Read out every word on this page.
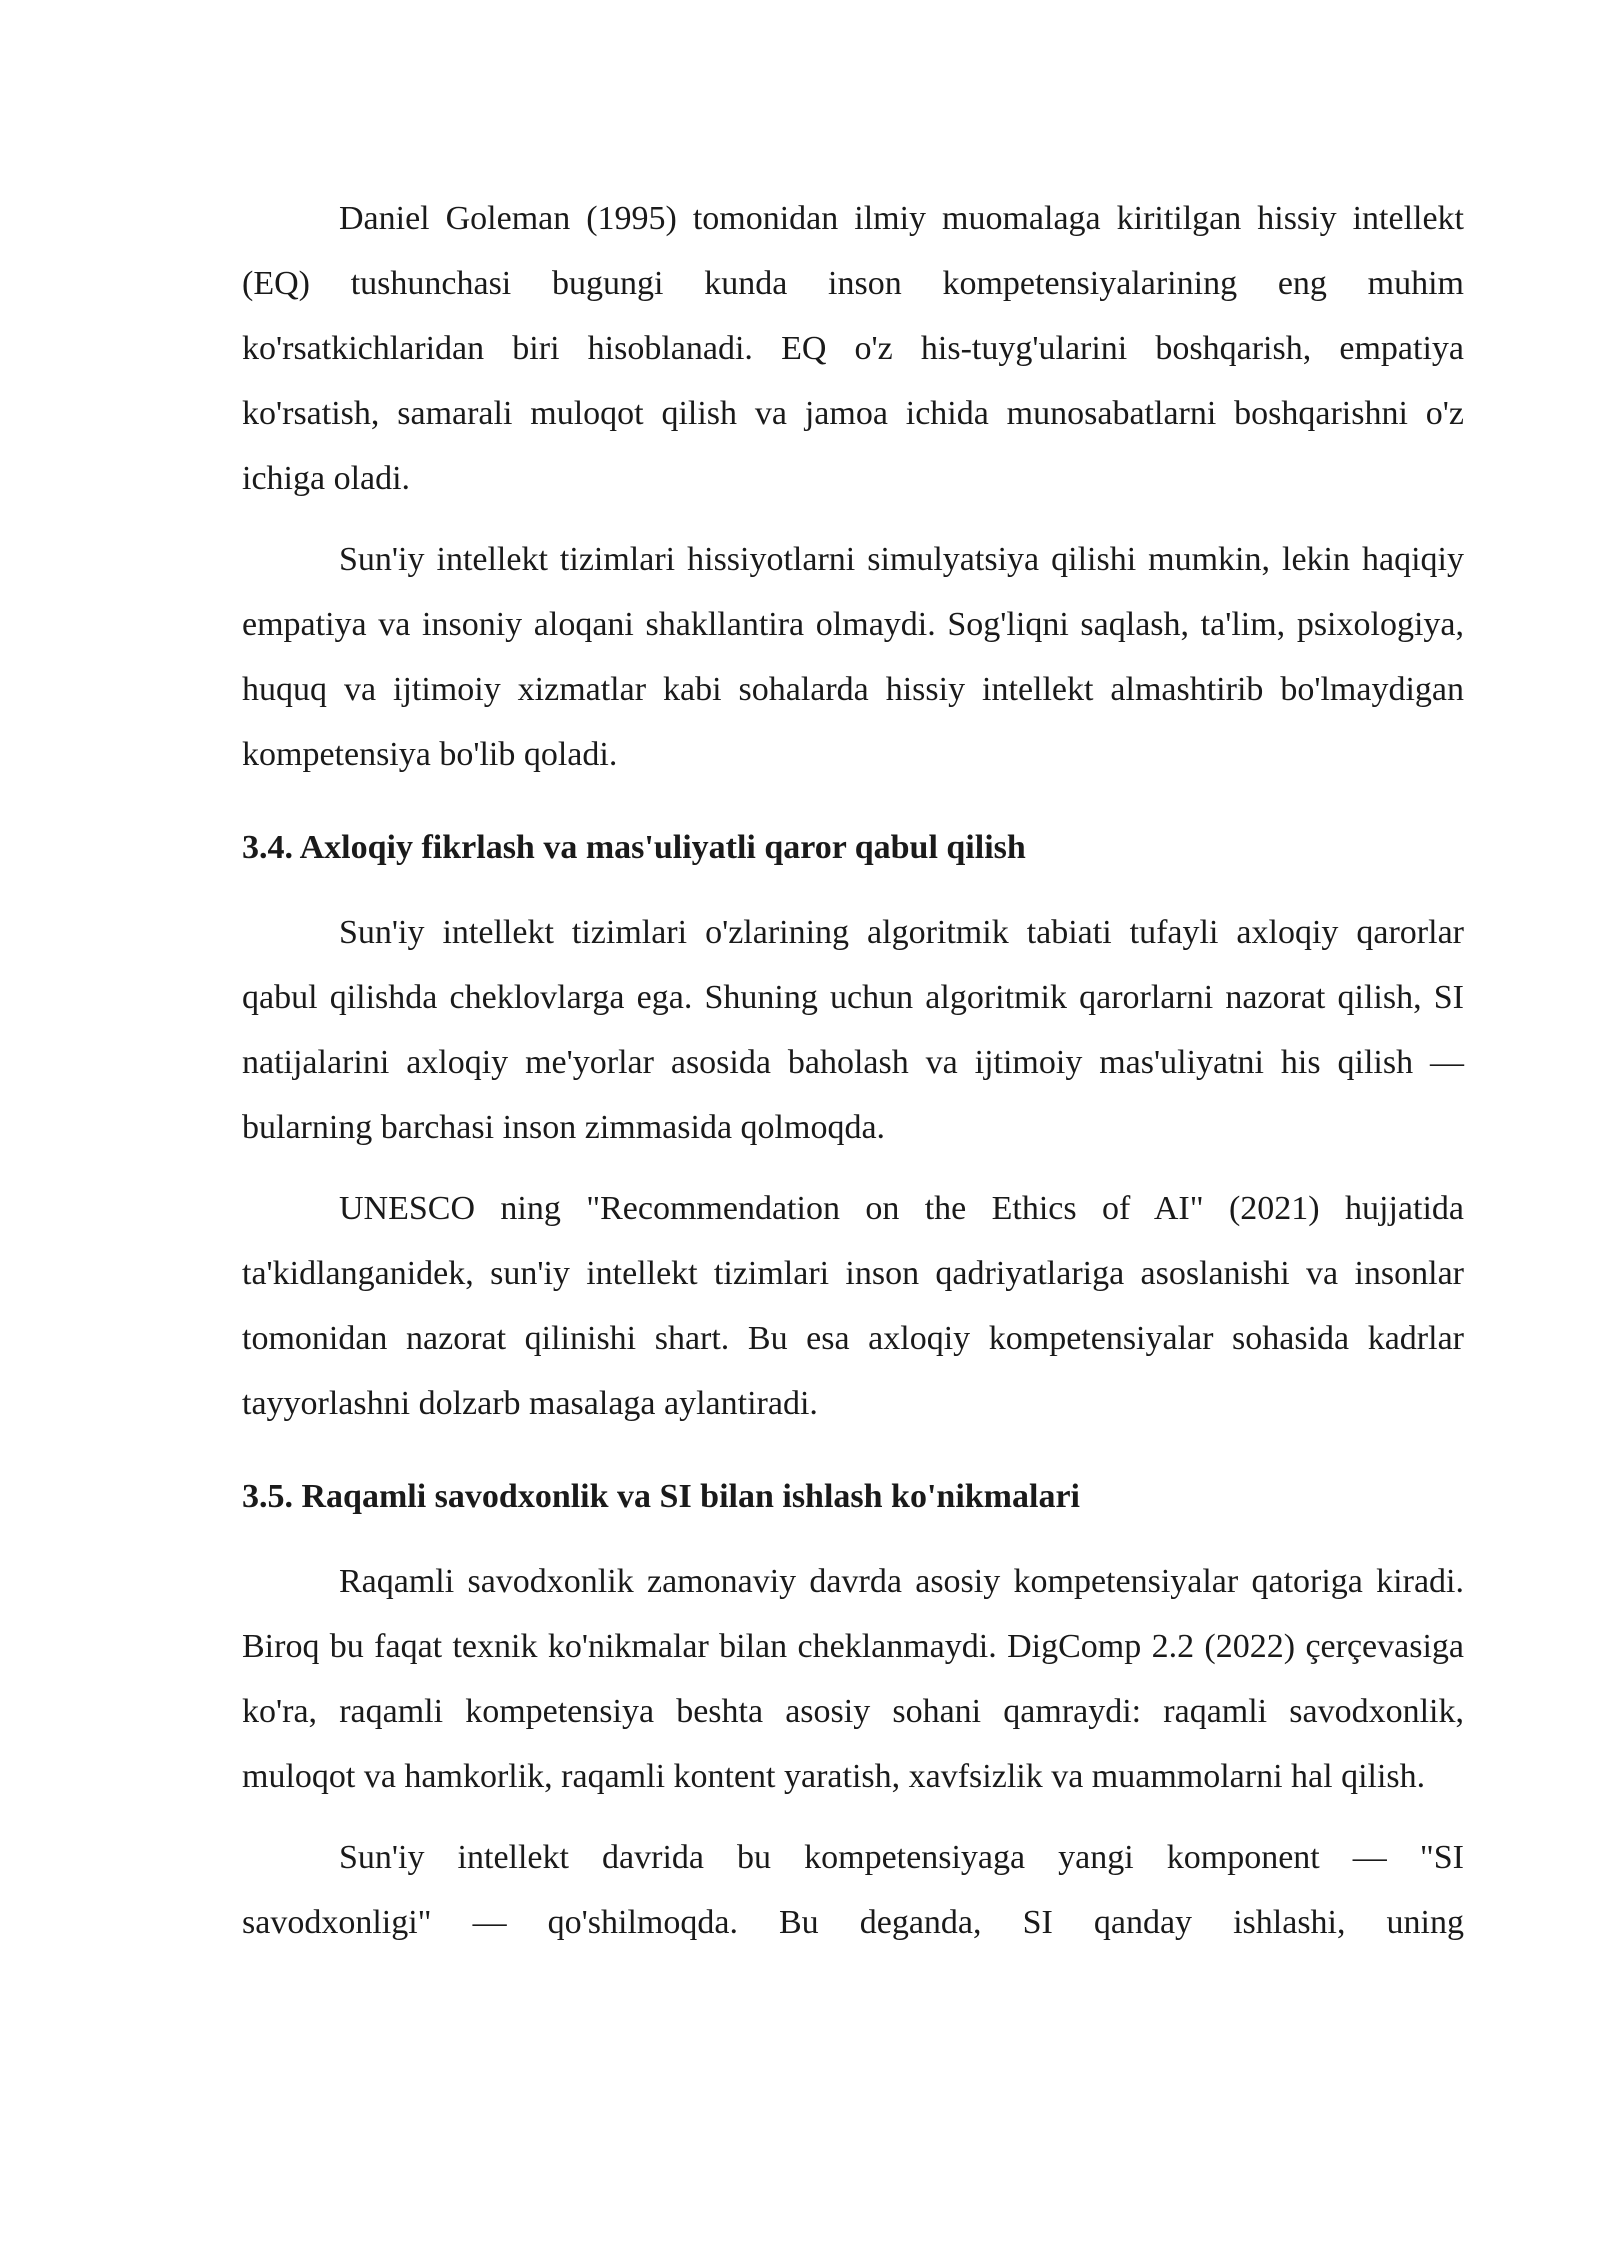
Daniel Goleman (1995) tomonidan ilmiy muomalaga kiritilgan hissiy intellekt (EQ) tushunchasi bugungi kunda inson kompetensiyalarining eng muhim ko'rsatkichlaridan biri hisoblanadi. EQ o'z his-tuyg'ularini boshqarish, empatiya ko'rsatish, samarali muloqot qilish va jamoa ichida munosabatlarni boshqarishni o'z ichiga oladi.

Sun'iy intellekt tizimlari hissiyotlarni simulyatsiya qilishi mumkin, lekin haqiqiy empatiya va insoniy aloqani shakllantira olmaydi. Sog'liqni saqlash, ta'lim, psixologiya, huquq va ijtimoiy xizmatlar kabi sohalarda hissiy intellekt almashtirib bo'lmaydigan kompetensiya bo'lib qoladi.

3.4. Axloqiy fikrlash va mas'uliyatli qaror qabul qilish

Sun'iy intellekt tizimlari o'zlarining algoritmik tabiati tufayli axloqiy qarorlar qabul qilishda cheklovlarga ega. Shuning uchun algoritmik qarorlarni nazorat qilish, SI natijalarini axloqiy me'yorlar asosida baholash va ijtimoiy mas'uliyatni his qilish — bularning barchasi inson zimmasida qolmoqda.

UNESCO ning "Recommendation on the Ethics of AI" (2021) hujjatida ta'kidlanganidek, sun'iy intellekt tizimlari inson qadriyatlariga asoslanishi va insonlar tomonidan nazorat qilinishi shart. Bu esa axloqiy kompetensiyalar sohasida kadrlar tayyorlashni dolzarb masalaga aylantiradi.

3.5. Raqamli savodxonlik va SI bilan ishlash ko'nikmalari

Raqamli savodxonlik zamonaviy davrda asosiy kompetensiyalar qatoriga kiradi. Biroq bu faqat texnik ko'nikmalar bilan cheklanmaydi. DigComp 2.2 (2022) çerçevasiga ko'ra, raqamli kompetensiya beshta asosiy sohani qamraydi: raqamli savodxonlik, muloqot va hamkorlik, raqamli kontent yaratish, xavfsizlik va muammolarni hal qilish.

Sun'iy intellekt davrida bu kompetensiyaga yangi komponent — "SI savodxonligi" — qo'shilmoqda. Bu deganda, SI qanday ishlashi, uning
